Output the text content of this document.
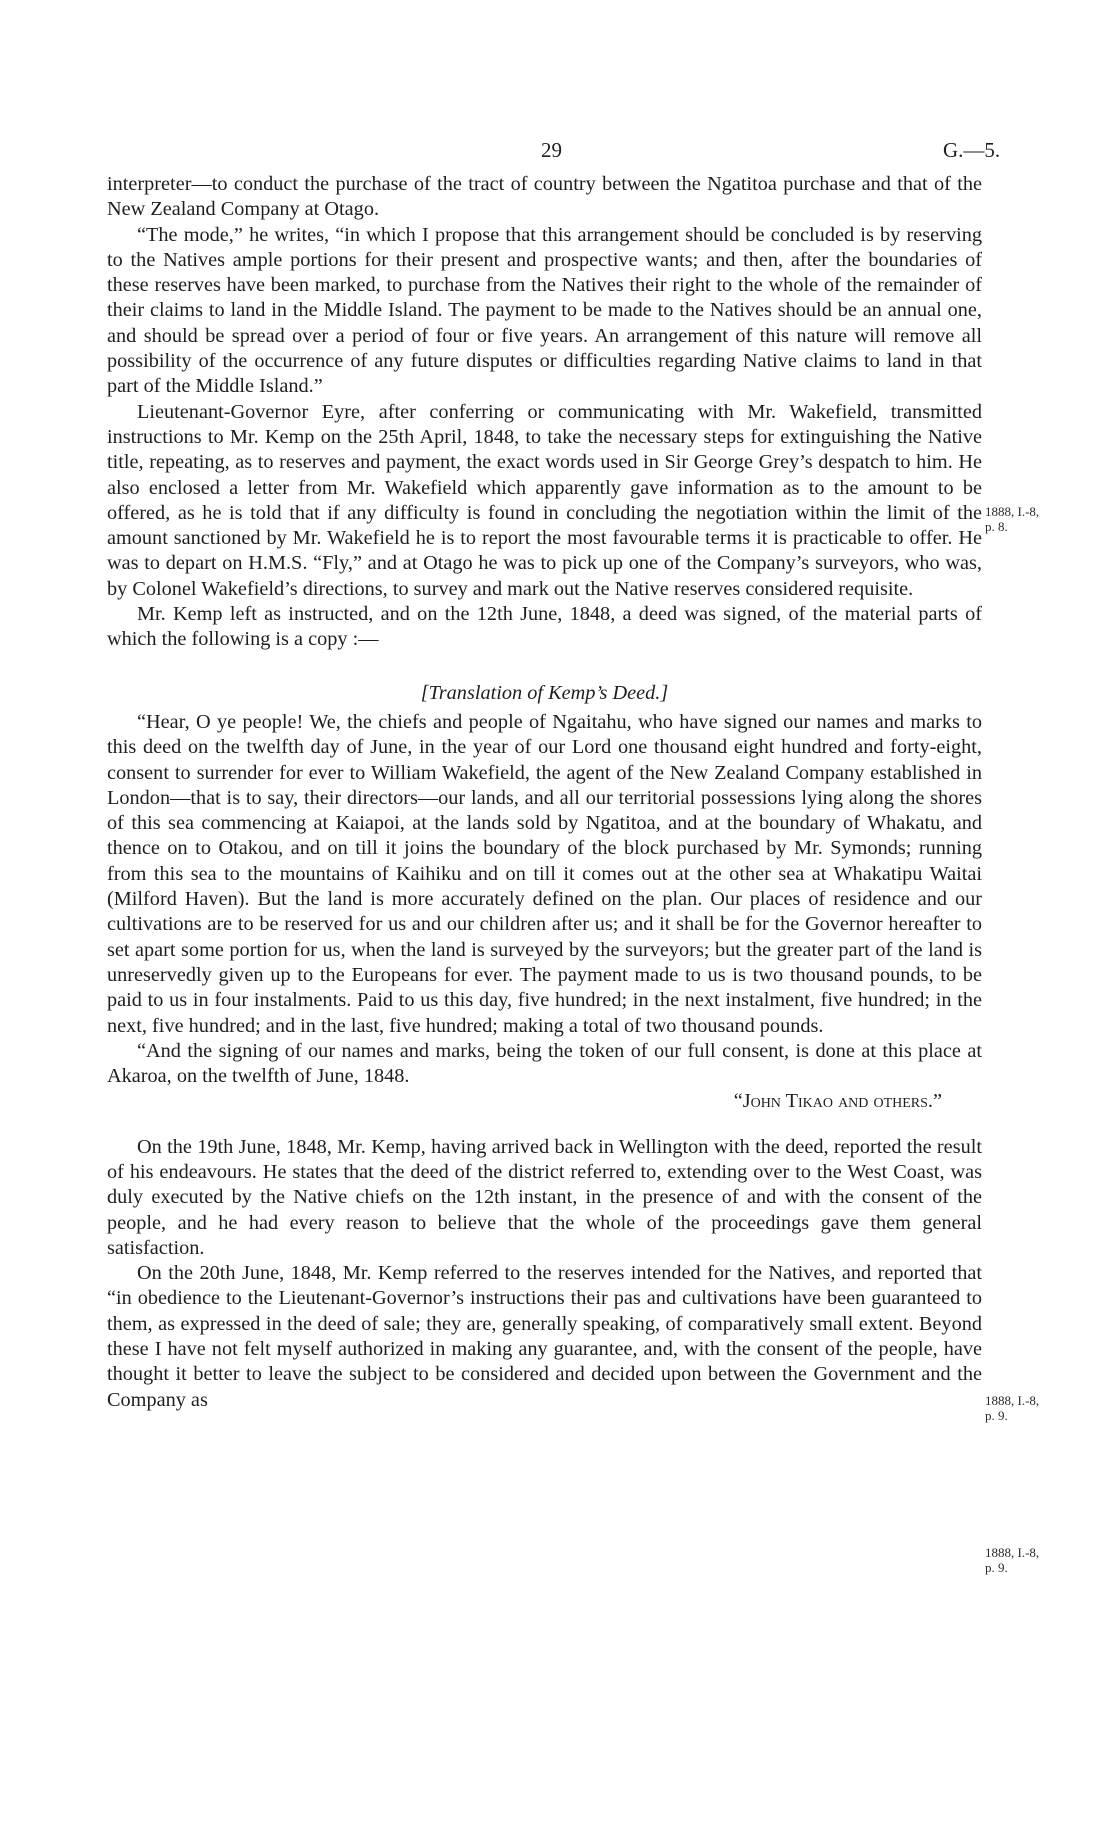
29	G.—5.

interpreter—to conduct the purchase of the tract of country between the Ngatitoa purchase and that of the New Zealand Company at Otago.

“The mode,” he writes, “in which I propose that this arrangement should be concluded is by reserving to the Natives ample portions for their present and prospective wants; and then, after the boundaries of these reserves have been marked, to purchase from the Natives their right to the whole of the remainder of their claims to land in the Middle Island. The payment to be made to the Natives should be an annual one, and should be spread over a period of four or five years. An arrangement of this nature will remove all possibility of the occurrence of any future disputes or difficulties regarding Native claims to land in that part of the Middle Island.”

Lieutenant-Governor Eyre, after conferring or communicating with Mr. Wakefield, transmitted instructions to Mr. Kemp on the 25th April, 1848, to take the necessary steps for extinguishing the Native title, repeating, as to reserves and payment, the exact words used in Sir George Grey’s despatch to him. He also enclosed a letter from Mr. Wakefield which apparently gave information as to the amount to be offered, as he is told that if any difficulty is found in concluding the negotiation within the limit of the amount sanctioned by Mr. Wakefield he is to report the most favourable terms it is practicable to offer. He was to depart on H.M.S. “Fly,” and at Otago he was to pick up one of the Company’s surveyors, who was, by Colonel Wakefield’s directions, to survey and mark out the Native reserves considered requisite.

Mr. Kemp left as instructed, and on the 12th June, 1848, a deed was signed, of the material parts of which the following is a copy :—

[Translation of Kemp’s Deed.]

“Hear, O ye people! We, the chiefs and people of Ngaitahu, who have signed our names and marks to this deed on the twelfth day of June, in the year of our Lord one thousand eight hundred and forty-eight, consent to surrender for ever to William Wakefield, the agent of the New Zealand Company established in London—that is to say, their directors—our lands, and all our territorial possessions lying along the shores of this sea commencing at Kaiapoi, at the lands sold by Ngatitoa, and at the boundary of Whakatu, and thence on to Otakou, and on till it joins the boundary of the block purchased by Mr. Symonds; running from this sea to the mountains of Kaihiku and on till it comes out at the other sea at Whakatipu Waitai (Milford Haven). But the land is more accurately defined on the plan. Our places of residence and our cultivations are to be reserved for us and our children after us; and it shall be for the Governor hereafter to set apart some portion for us, when the land is surveyed by the surveyors; but the greater part of the land is unreservedly given up to the Europeans for ever. The payment made to us is two thousand pounds, to be paid to us in four instalments. Paid to us this day, five hundred; in the next instalment, five hundred; in the next, five hundred; and in the last, five hundred; making a total of two thousand pounds.

“And the signing of our names and marks, being the token of our full consent, is done at this place at Akaroa, on the twelfth of June, 1848.

“John Tikao and others.”

On the 19th June, 1848, Mr. Kemp, having arrived back in Wellington with the deed, reported the result of his endeavours. He states that the deed of the district referred to, extending over to the West Coast, was duly executed by the Native chiefs on the 12th instant, in the presence of and with the consent of the people, and he had every reason to believe that the whole of the proceedings gave them general satisfaction.

On the 20th June, 1848, Mr. Kemp referred to the reserves intended for the Natives, and reported that “in obedience to the Lieutenant-Governor’s instructions their pas and cultivations have been guaranteed to them, as expressed in the deed of sale; they are, generally speaking, of comparatively small extent. Beyond these I have not felt myself authorized in making any guarantee, and, with the consent of the people, have thought it better to leave the subject to be considered and decided upon between the Government and the Company as

1888, I.-8,
p. 8.
1888, I.-8,
p. 9.
1888, I.-8,
p. 9.
